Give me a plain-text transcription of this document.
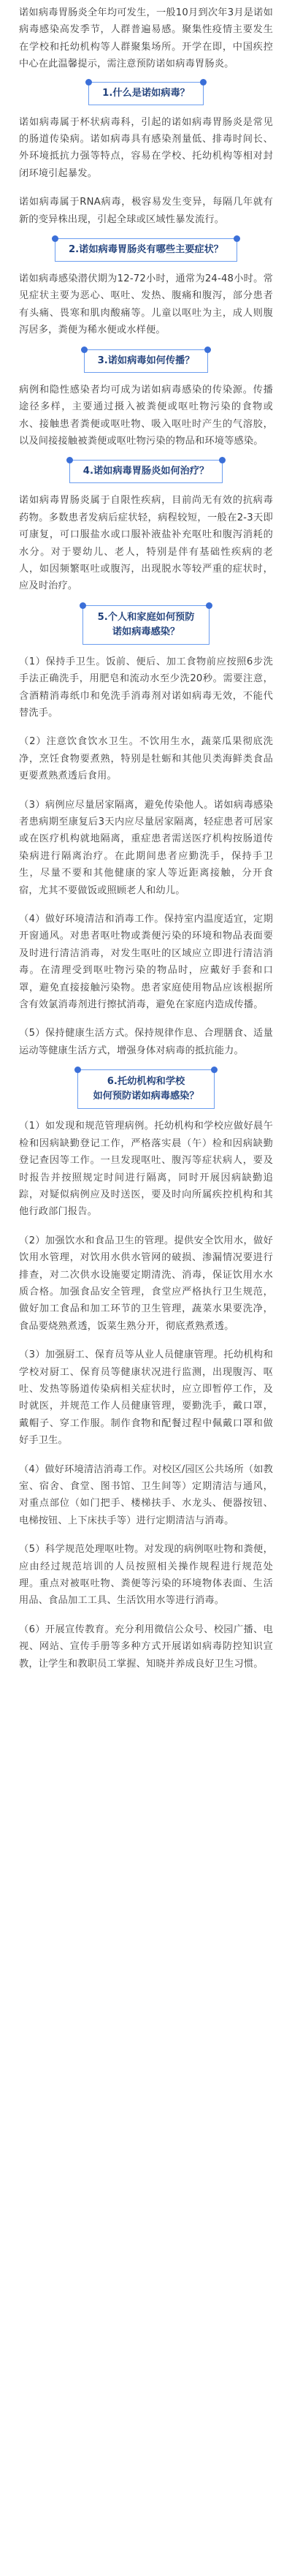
诺如病毒胃肠炎全年均可发生，一般10月到次年3月是诺如病毒感染高发季节，人群普遍易感。聚集性疫情主要发生在学校和托幼机构等人群聚集场所。开学在即，中国疾控中心在此温馨提示，需注意预防诺如病毒胃肠炎。

1.什么是诺如病毒？

诺如病毒属于杯状病毒科，引起的诺如病毒胃肠炎是常见的肠道传染病。诺如病毒具有感染剂量低、排毒时间长、外环境抵抗力强等特点，容易在学校、托幼机构等相对封闭环境引起暴发。

诺如病毒属于RNA病毒，极容易发生变异，每隔几年就有新的变异株出现，引起全球或区域性暴发流行。

2.诺如病毒胃肠炎有哪些主要症状？

诺如病毒感染潜伏期为12-72小时，通常为24-48小时。常见症状主要为恶心、呕吐、发热、腹痛和腹泻，部分患者有头痛、畏寒和肌肉酸痛等。儿童以呕吐为主，成人则腹泻居多，粪便为稀水便或水样便。

3.诺如病毒如何传播？

病例和隐性感染者均可成为诺如病毒感染的传染源。传播途径多样，主要通过摄入被粪便或呕吐物污染的食物或水、接触患者粪便或呕吐物、吸入呕吐时产生的气溶胶，以及间接接触被粪便或呕吐物污染的物品和环境等感染。

4.诺如病毒胃肠炎如何治疗？

诺如病毒胃肠炎属于自限性疾病，目前尚无有效的抗病毒药物。多数患者发病后症状轻，病程较短，一般在2-3天即可康复，可口服盐水或口服补液盐补充呕吐和腹泻消耗的水分。对于婴幼儿、老人，特别是伴有基础性疾病的老人，如因频繁呕吐或腹泻，出现脱水等较严重的症状时，应及时治疗。

5.个人和家庭如何预防
诺如病毒感染？

（1）保持手卫生。饭前、便后、加工食物前应按照6步洗手法正确洗手，用肥皂和流动水至少洗20秒。需要注意，含酒精消毒纸巾和免洗手消毒剂对诺如病毒无效，不能代替洗手。

（2）注意饮食饮水卫生。不饮用生水，蔬菜瓜果彻底洗净，烹饪食物要煮熟，特别是牡蛎和其他贝类海鲜类食品更要煮熟煮透后食用。

（3）病例应尽量居家隔离，避免传染他人。诺如病毒感染者患病期至康复后3天内应尽量居家隔离，轻症患者可居家或在医疗机构就地隔离，重症患者需送医疗机构按肠道传染病进行隔离治疗。在此期间患者应勤洗手，保持手卫生，尽量不要和其他健康的家人等近距离接触，分开食宿，尤其不要做饭或照顾老人和幼儿。

（4）做好环境清洁和消毒工作。保持室内温度适宜，定期开窗通风。对患者呕吐物或粪便污染的环境和物品表面要及时进行清洁消毒，对发生呕吐的区域应立即进行清洁消毒。在清理受到呕吐物污染的物品时，应戴好手套和口罩，避免直接接触污染物。患者家庭使用物品应该根据所含有效氯消毒剂进行擦拭消毒，避免在家庭内造成传播。

（5）保持健康生活方式。保持规律作息、合理膳食、适量运动等健康生活方式，增强身体对病毒的抵抗能力。

6.托幼机构和学校
如何预防诺如病毒感染？

（1）如发现和规范管理病例。托幼机构和学校应做好晨午检和因病缺勤登记工作，严格落实晨（午）检和因病缺勤登记查因等工作。一旦发现呕吐、腹泻等症状病人，要及时报告并按照规定时间进行隔离，同时开展因病缺勤追踪，对疑似病例应及时送医，要及时向所属疾控机构和其他行政部门报告。

（2）加强饮水和食品卫生的管理。提供安全饮用水，做好饮用水管理，对饮用水供水管网的破损、渗漏情况要进行排查，对二次供水设施要定期清洗、消毒，保证饮用水水质合格。加强食品安全管理，食堂应严格执行卫生规范，做好加工食品和加工环节的卫生管理，蔬菜水果要洗净，食品要烧熟煮透，饭菜生熟分开，彻底煮熟煮透。

（3）加强厨工、保育员等从业人员健康管理。托幼机构和学校对厨工、保育员等健康状况进行监测，出现腹泻、呕吐、发热等肠道传染病相关症状时，应立即暂停工作，及时就医，并规范工作人员健康管理，要勤洗手，戴口罩，戴帽子、穿工作服。制作食物和配餐过程中佩戴口罩和做好手卫生。

（4）做好环境清洁消毒工作。对校区/园区公共场所（如教室、宿舍、食堂、图书馆、卫生间等）定期清洁与通风，对重点部位（如门把手、楼梯扶手、水龙头、便器按钮、电梯按钮、上下床扶手等）进行定期清洁与消毒。

（5）科学规范处理呕吐物。对发现的病例呕吐物和粪便，应由经过规范培训的人员按照相关操作规程进行规范处理。重点对被呕吐物、粪便等污染的环境物体表面、生活用品、食品加工工具、生活饮用水等进行消毒。

（6）开展宣传教育。充分利用微信公众号、校园广播、电视、网站、宣传手册等多种方式开展诺如病毒防控知识宣教，让学生和教职员工掌握、知晓并养成良好卫生习惯。
